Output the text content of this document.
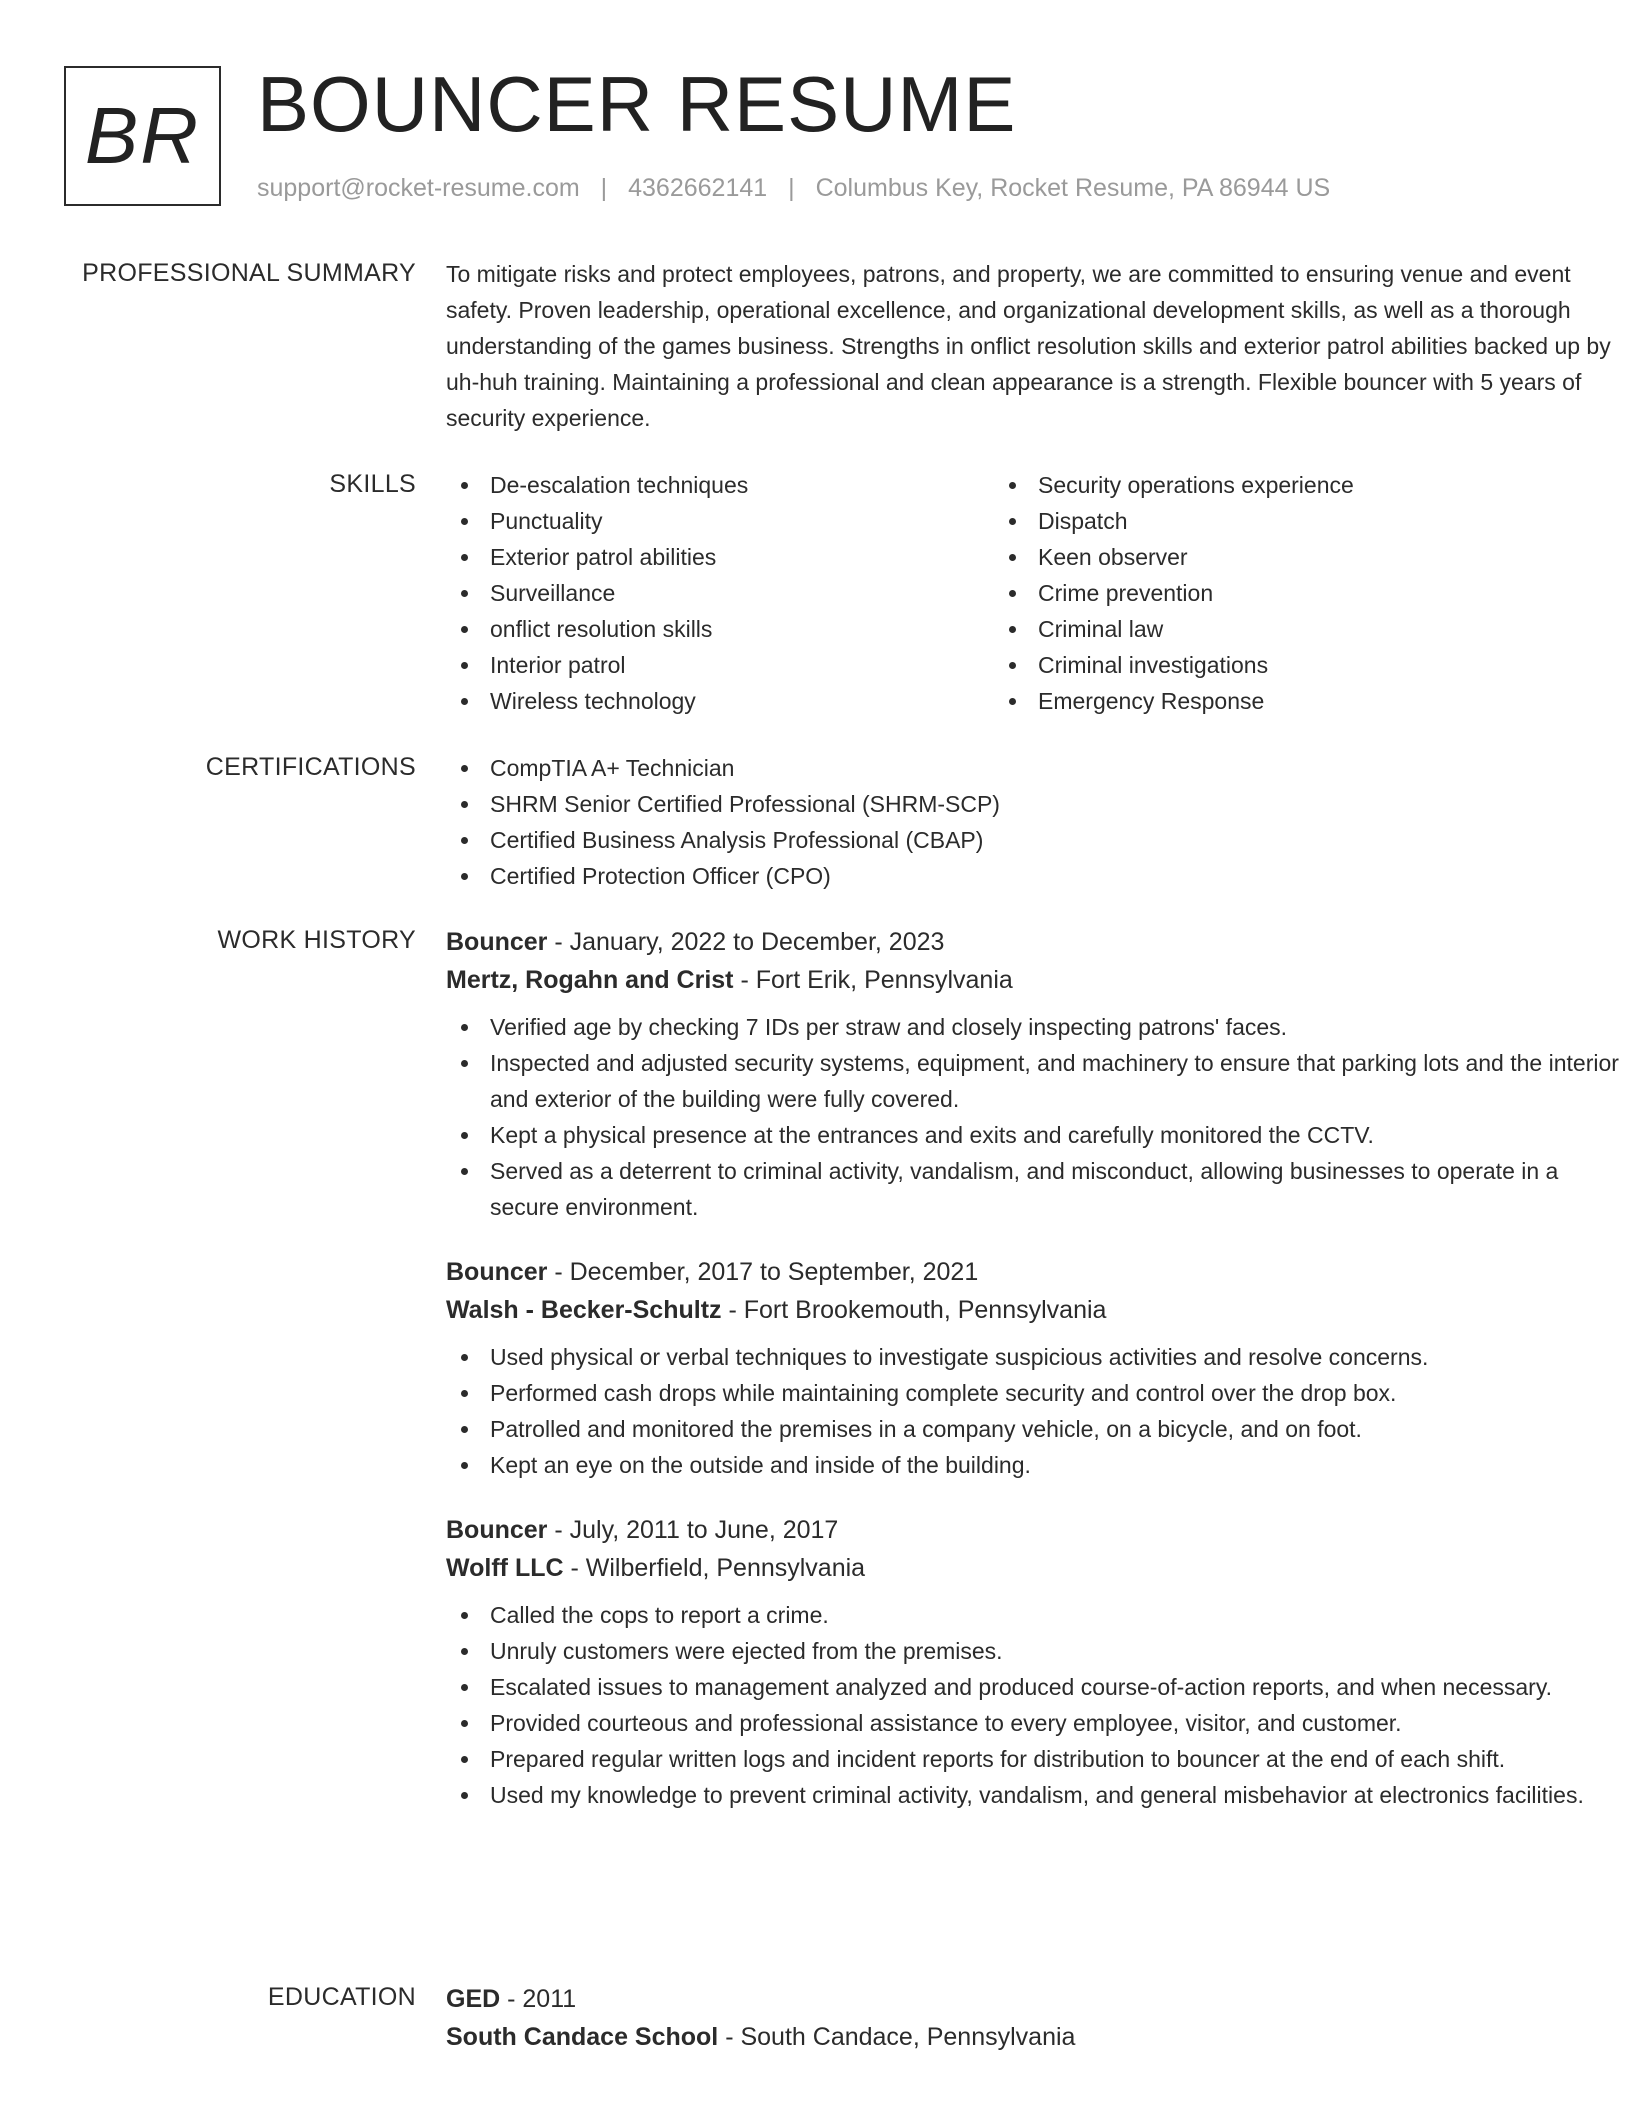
BR BOUNCER RESUME
support@rocket-resume.com | 4362662141 | Columbus Key, Rocket Resume, PA 86944 US
PROFESSIONAL SUMMARY To mitigate risks and protect employees, patrons, and property, we are committed to ensuring venue and event safety. Proven leadership, operational excellence, and organizational development skills, as well as a thorough understanding of the games business. Strengths in onflict resolution skills and exterior patrol abilities backed up by uh-huh training. Maintaining a professional and clean appearance is a strength. Flexible bouncer with 5 years of security experience.

SKILLS	De-escalation techniques
Punctuality
Exterior patrol abilities
Surveillance
onflict resolution skills
Interior patrol
Wireless technology
Security operations experience
Dispatch
Keen observer
Crime prevention
Criminal law
Criminal investigations
Emergency Response
CERTIFICATIONS	CompTIA A+ Technician
SHRM Senior Certified Professional (SHRM-SCP)
Certified Business Analysis Professional (CBAP)
Certified Protection Officer (CPO)
WORK HISTORY Bouncer - January, 2022 to December, 2023
Mertz, Rogahn and Crist - Fort Erik, Pennsylvania
Verified age by checking 7 IDs per straw and closely inspecting patrons' faces.
Inspected and adjusted security systems, equipment, and machinery to ensure that parking lots and the interior and exterior of the building were fully covered.
Kept a physical presence at the entrances and exits and carefully monitored the CCTV.
Served as a deterrent to criminal activity, vandalism, and misconduct, allowing businesses to operate in a secure environment.
Bouncer - December, 2017 to September, 2021
Walsh - Becker-Schultz - Fort Brookemouth, Pennsylvania
Used physical or verbal techniques to investigate suspicious activities and resolve concerns.
Performed cash drops while maintaining complete security and control over the drop box.
Patrolled and monitored the premises in a company vehicle, on a bicycle, and on foot.
Kept an eye on the outside and inside of the building.
Bouncer - July, 2011 to June, 2017
Wolff LLC - Wilberfield, Pennsylvania
Called the cops to report a crime.
Unruly customers were ejected from the premises.
Escalated issues to management analyzed and produced course-of-action reports, and when necessary.
Provided courteous and professional assistance to every employee, visitor, and customer.
Prepared regular written logs and incident reports for distribution to bouncer at the end of each shift.
Used my knowledge to prevent criminal activity, vandalism, and general misbehavior at electronics facilities.
EDUCATION GED - 2011
South Candace School - South Candace, Pennsylvania
